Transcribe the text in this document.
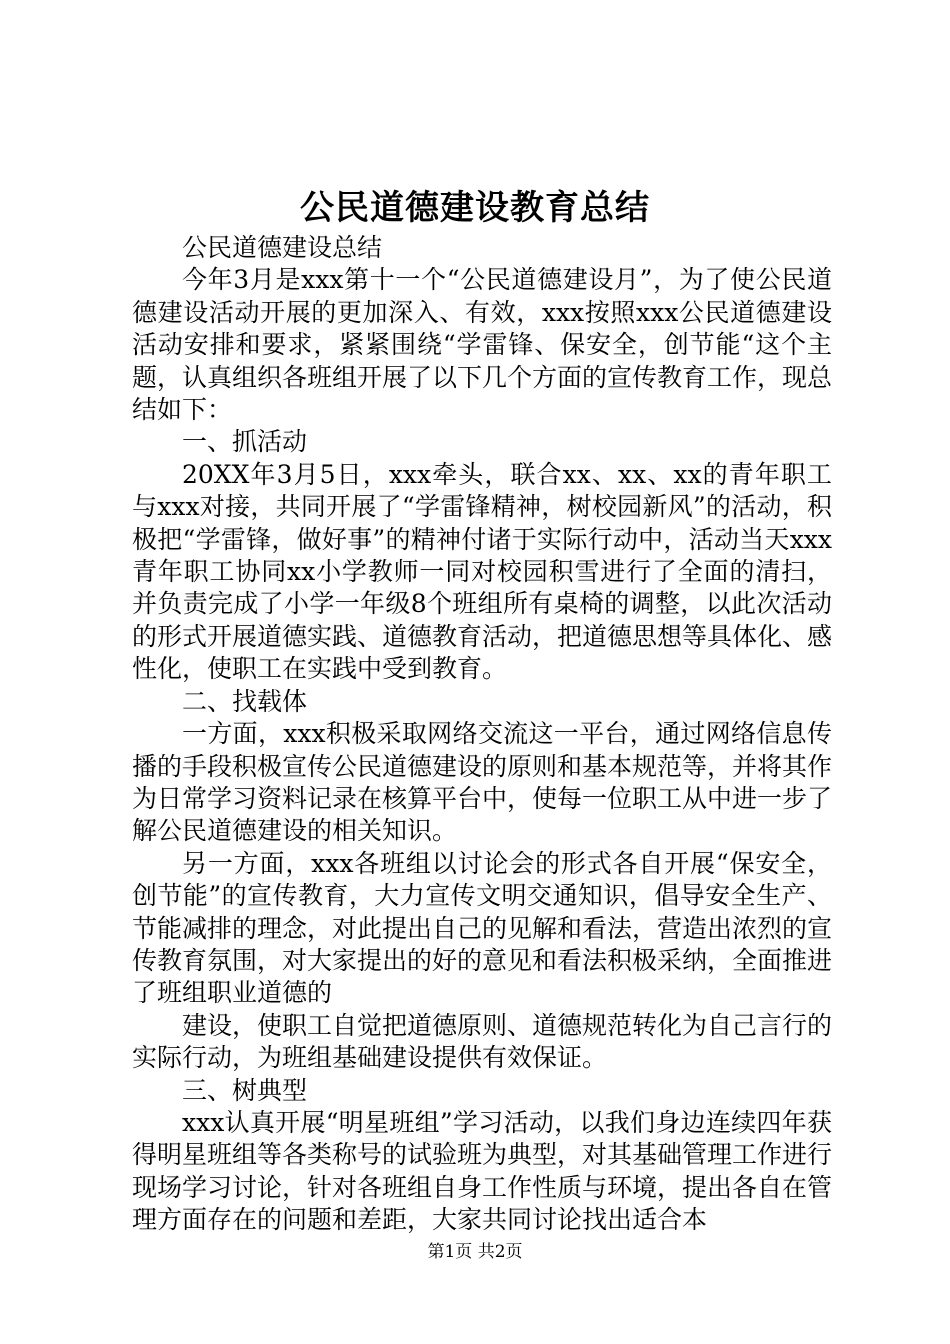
公民道德建设教育总结

公民道德建设总结

今年3月是xxx第十一个“公民道德建设月”，为了使公民道德建设活动开展的更加深入、有效，xxx按照xxx公民道德建设活动安排和要求，紧紧围绕“学雷锋、保安全，创节能“这个主题，认真组织各班组开展了以下几个方面的宣传教育工作，现总结如下：

一、抓活动

20XX年3月5日，xxx牵头，联合xx、xx、xx的青年职工与xxx对接，共同开展了“学雷锋精神，树校园新风”的活动，积极把“学雷锋，做好事”的精神付诸于实际行动中，活动当天xxx青年职工协同xx小学教师一同对校园积雪进行了全面的清扫，并负责完成了小学一年级8个班组所有桌椅的调整，以此次活动的形式开展道德实践、道德教育活动，把道德思想等具体化、感性化，使职工在实践中受到教育。

二、找载体

一方面，xxx积极采取网络交流这一平台，通过网络信息传播的手段积极宣传公民道德建设的原则和基本规范等，并将其作为日常学习资料记录在核算平台中，使每一位职工从中进一步了解公民道德建设的相关知识。

另一方面，xxx各班组以讨论会的形式各自开展“保安全，创节能”的宣传教育，大力宣传文明交通知识，倡导安全生产、节能减排的理念，对此提出自己的见解和看法，营造出浓烈的宣传教育氛围，对大家提出的好的意见和看法积极采纳，全面推进了班组职业道德的

建设，使职工自觉把道德原则、道德规范转化为自己言行的实际行动，为班组基础建设提供有效保证。

三、树典型

xxx认真开展“明星班组”学习活动，以我们身边连续四年获得明星班组等各类称号的试验班为典型，对其基础管理工作进行现场学习讨论，针对各班组自身工作性质与环境，提出各自在管理方面存在的问题和差距，大家共同讨论找出适合本

第1页 共2页
